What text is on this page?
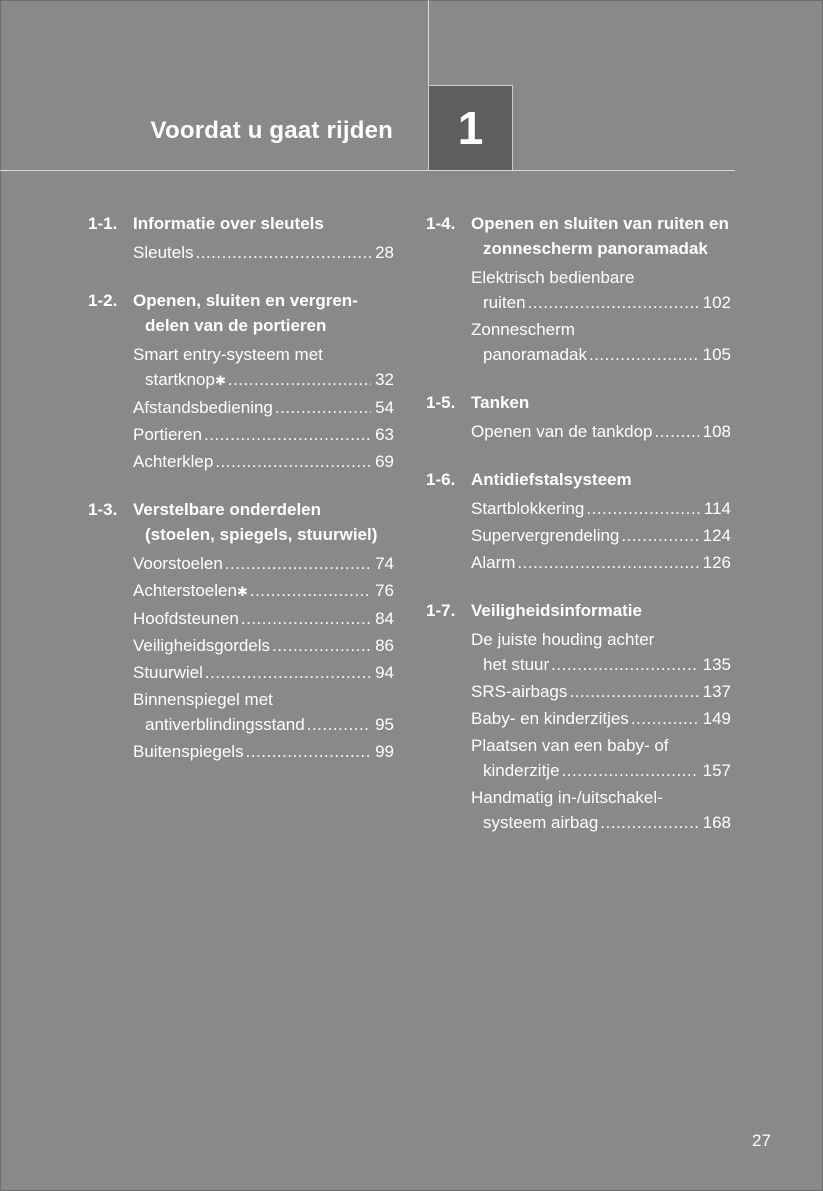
Voordat u gaat rijden	1
1-1. Informatie over sleutels
Sleutels .....	28
1-2. Openen, sluiten en vergren-delen van de portieren
Smart entry-systeem met
startknop✱ .....	32
Afstandsbediening .....	54
Portieren .....	63
Achterklep .....	69
1-3. Verstelbare onderdelen (stoelen, spiegels, stuurwiel)
Voorstoelen .....	74
Achterstoelen✱ .....	76
Hoofdsteunen .....	84
Veiligheidsgordels .....	86
Stuurwiel .....	94
Binnenspiegel met
antiverblindingsstand .....	95
Buitenspiegels .....	99
1-4. Openen en sluiten van ruiten en zonnescherm panoramadak
Elektrisch bedienbare
ruiten .....	102
Zonnescherm
panoramadak .....	105
1-5. Tanken
Openen van de tankdop .....	108
1-6. Antidiefstalsysteem
Startblokkering .....	114
Supervergrendeling .....	124
Alarm .....	126
1-7. Veiligheidsinformatie
De juiste houding achter
het stuur .....	135
SRS-airbags .....	137
Baby- en kinderzitjes .....	149
Plaatsen van een baby- of
kinderzitje .....	157
Handmatig in-/uitschakel-
systeem airbag .....	168
27
